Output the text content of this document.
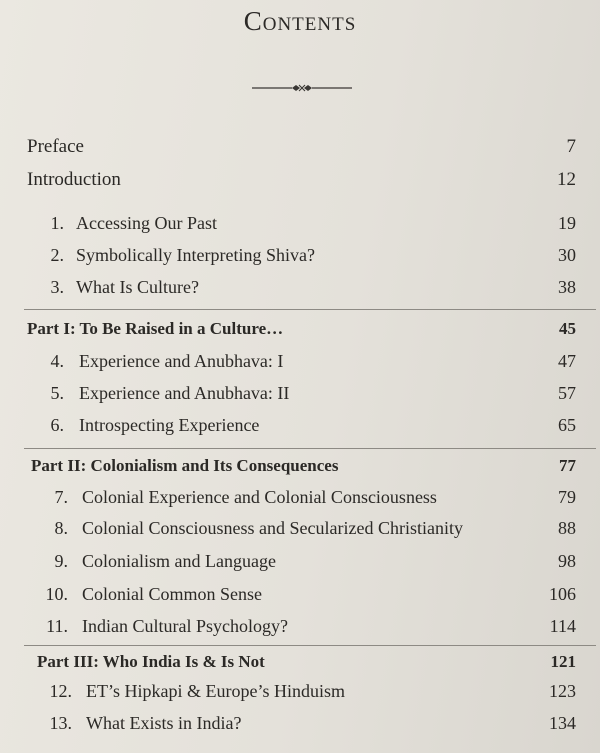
Contents
Preface	7
Introduction	12
1. Accessing Our Past	19
2. Symbolically Interpreting Shiva?	30
3. What Is Culture?	38
Part I: To Be Raised in a Culture…	45
4. Experience and Anubhava: I	47
5. Experience and Anubhava: II	57
6. Introspecting Experience	65
Part II: Colonialism and Its Consequences	77
7. Colonial Experience and Colonial Consciousness	79
8. Colonial Consciousness and Secularized Christianity	88
9. Colonialism and Language	98
10. Colonial Common Sense	106
11. Indian Cultural Psychology?	114
Part III: Who India Is & Is Not	121
12. ET’s Hipkapi & Europe’s Hinduism	123
13. What Exists in India?	134
